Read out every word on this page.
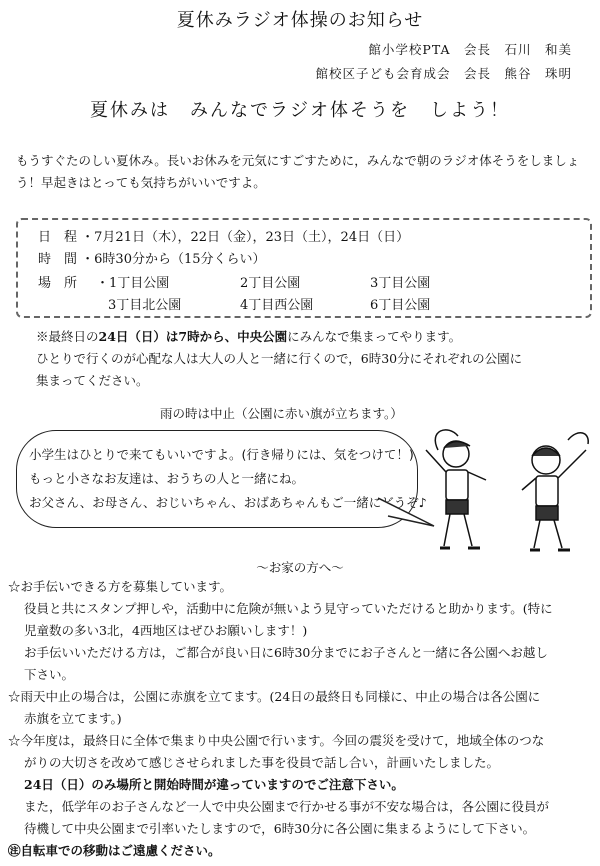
夏休みラジオ体操のお知らせ
館小学校PTA　会長　石川　和美
館校区子ども会育成会　会長　熊谷　珠明
夏休みは　みんなでラジオ体そうを　しよう！
もうすぐたのしい夏休み。長いお休みを元気にすごすために，みんなで朝のラジオ体そうをしましょう！早起きはとっても気持ちがいいですよ。
日　程 ・7月21日（木），22日（金），23日（土），24日（日）
時　間 ・6時30分から（15分くらい）
場　所 ・1丁目公園	2丁目公園	3丁目公園
3丁目北公園	4丁目西公園	6丁目公園
※最終日の24日（日）は7時から、中央公園にみんなで集まってやります。
ひとりで行くのが心配な人は大人の人と一緒に行くので，6時30分にそれぞれの公園に
集まってください。
雨の時は中止（公園に赤い旗が立ちます。）
小学生はひとりで来てもいいですよ。(行き帰りには、気をつけて！)
もっと小さなお友達は、おうちの人と一緒にね。
お父さん、お母さん、おじいちゃん、おばあちゃんもご一緒にどうぞ♪
〜お家の方へ〜
☆お手伝いできる方を募集しています。
役員と共にスタンプ押しや，活動中に危険が無いよう見守っていただけると助かります。(特に
児童数の多い3北，4西地区はぜひお願いします！)
お手伝いいただける方は，ご都合が良い日に6時30分までにお子さんと一緒に各公園へお越し
下さい。
☆雨天中止の場合は，公園に赤旗を立てます。(24日の最終日も同様に、中止の場合は各公園に
赤旗を立てます。)
☆今年度は，最終日に全体で集まり中央公園で行います。今回の震災を受けて，地域全体のつな
がりの大切さを改めて感じさせられました事を役員で話し合い，計画いたしました。
24日（日）のみ場所と開始時間が違っていますのでご注意下さい。
また，低学年のお子さんなど一人で中央公園まで行かせる事が不安な場合は，各公園に役員が
待機して中央公園まで引率いたしますので，6時30分に各公園に集まるようにして下さい。
㊟自転車での移動はご遠慮ください。
